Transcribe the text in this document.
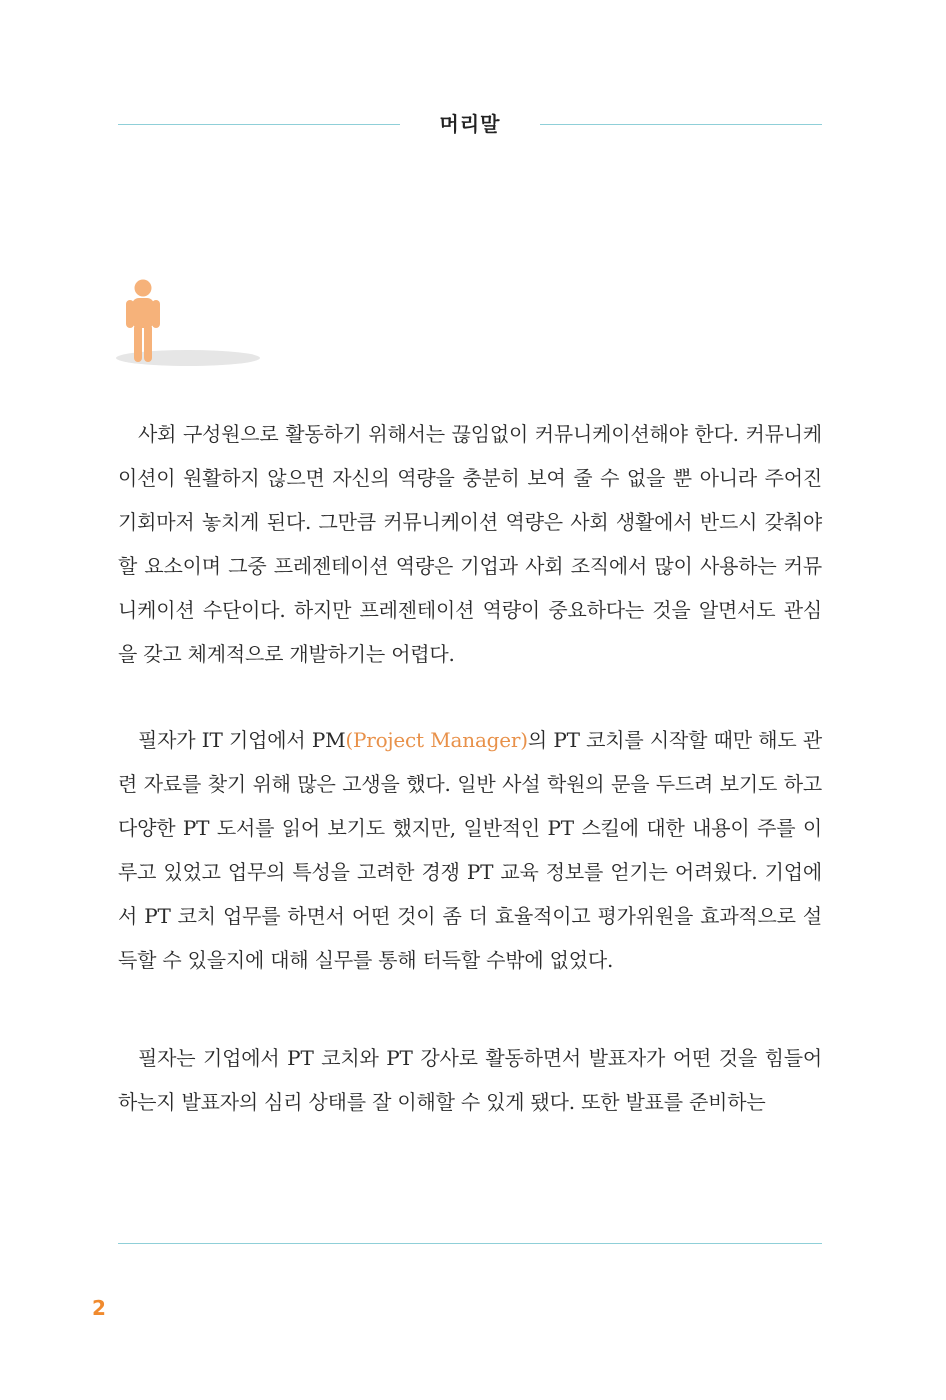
머리말

사회 구성원으로 활동하기 위해서는 끊임없이 커뮤니케이션해야 한다. 커뮤니케이션이 원활하지 않으면 자신의 역량을 충분히 보여 줄 수 없을 뿐 아니라 주어진 기회마저 놓치게 된다. 그만큼 커뮤니케이션 역량은 사회 생활에서 반드시 갖춰야 할 요소이며 그중 프레젠테이션 역량은 기업과 사회 조직에서 많이 사용하는 커뮤니케이션 수단이다. 하지만 프레젠테이션 역량이 중요하다는 것을 알면서도 관심을 갖고 체계적으로 개발하기는 어렵다.

필자가 IT 기업에서 PM(Project Manager)의 PT 코치를 시작할 때만 해도 관련 자료를 찾기 위해 많은 고생을 했다. 일반 사설 학원의 문을 두드려 보기도 하고 다양한 PT 도서를 읽어 보기도 했지만, 일반적인 PT 스킬에 대한 내용이 주를 이루고 있었고 업무의 특성을 고려한 경쟁 PT 교육 정보를 얻기는 어려웠다. 기업에서 PT 코치 업무를 하면서 어떤 것이 좀 더 효율적이고 평가위원을 효과적으로 설득할 수 있을지에 대해 실무를 통해 터득할 수밖에 없었다.

필자는 기업에서 PT 코치와 PT 강사로 활동하면서 발표자가 어떤 것을 힘들어 하는지 발표자의 심리 상태를 잘 이해할 수 있게 됐다. 또한 발표를 준비하는

2
